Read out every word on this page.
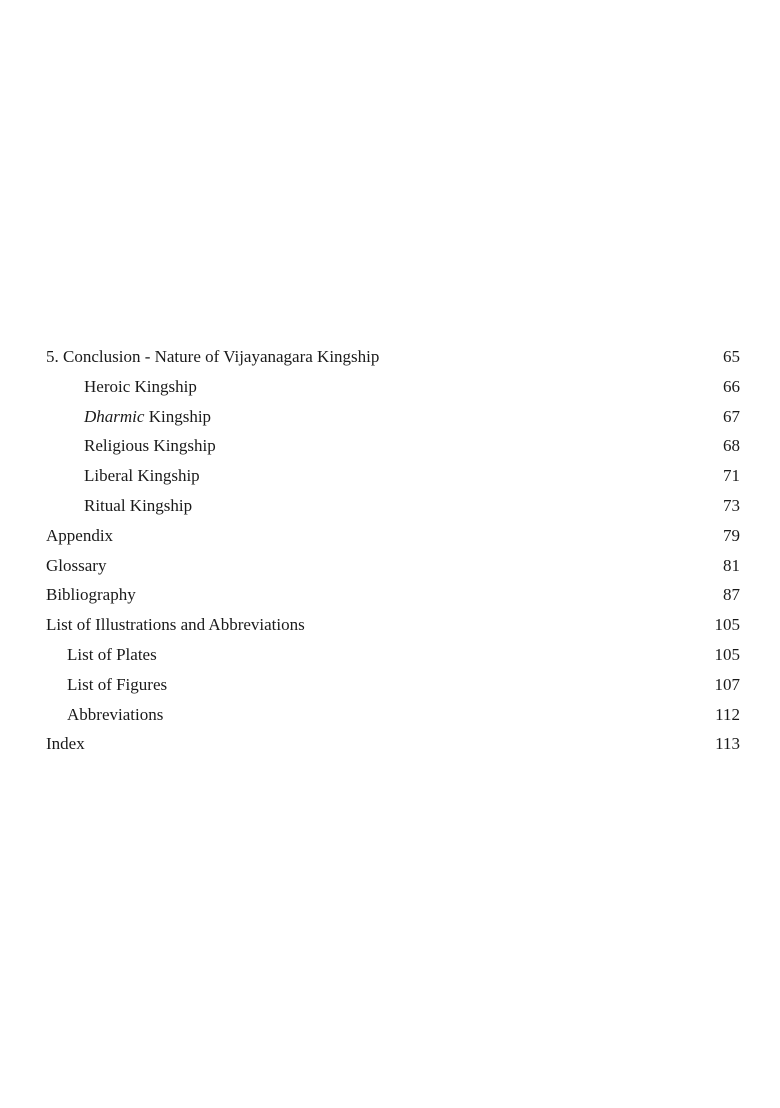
5. Conclusion - Nature of Vijayanagara Kingship	65
Heroic Kingship	66
Dharmic Kingship	67
Religious Kingship	68
Liberal Kingship	71
Ritual Kingship	73
Appendix	79
Glossary	81
Bibliography	87
List of Illustrations and Abbreviations	105
List of Plates	105
List of Figures	107
Abbreviations	112
Index	113
